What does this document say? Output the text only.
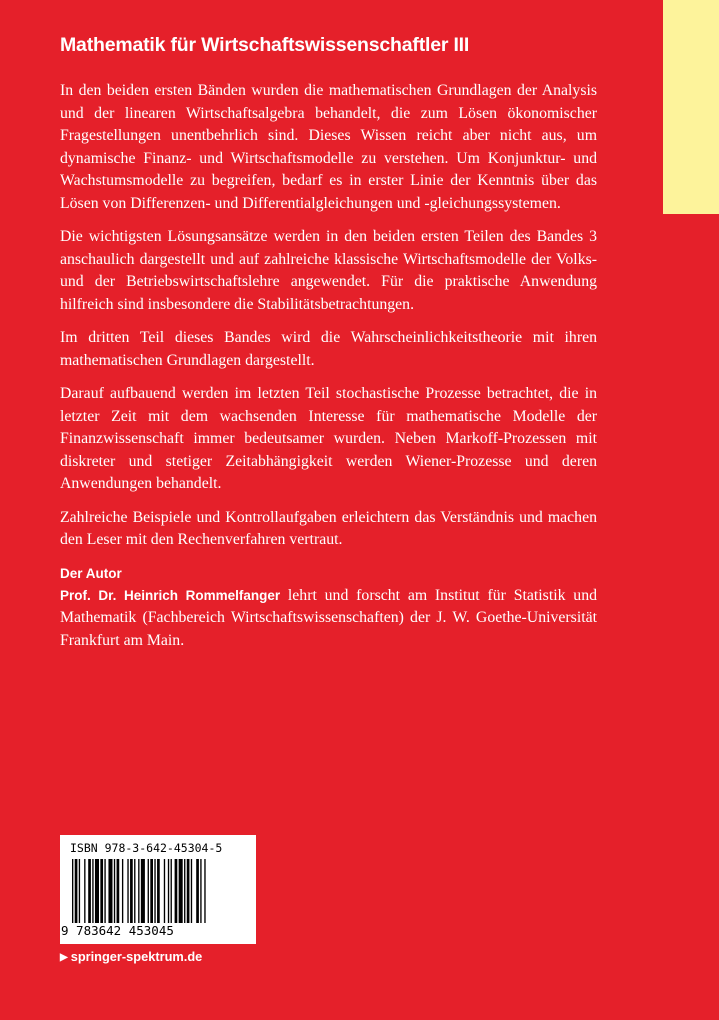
Mathematik für Wirtschaftswissenschaftler III

In den beiden ersten Bänden wurden die mathematischen Grundlagen der Analysis und der linearen Wirtschaftsalgebra behandelt, die zum Lösen ökonomischer Fragestellungen unentbehrlich sind. Dieses Wissen reicht aber nicht aus, um dynamische Finanz- und Wirtschaftsmodelle zu verstehen. Um Konjunktur- und Wachstumsmodelle zu begreifen, bedarf es in erster Linie der Kenntnis über das Lösen von Differenzen- und Differentialgleichungen und -gleichungssystemen.

Die wichtigsten Lösungsansätze werden in den beiden ersten Teilen des Bandes 3 anschaulich dargestellt und auf zahlreiche klassische Wirtschaftsmodelle der Volks- und der Betriebswirtschaftslehre angewendet. Für die praktische Anwendung hilfreich sind insbesondere die Stabilitätsbetrachtungen.

Im dritten Teil dieses Bandes wird die Wahrscheinlichkeitstheorie mit ihren mathematischen Grundlagen dargestellt.

Darauf aufbauend werden im letzten Teil stochastische Prozesse betrachtet, die in letzter Zeit mit dem wachsenden Interesse für mathematische Modelle der Finanzwissenschaft immer bedeutsamer wurden. Neben Markoff-Prozessen mit diskreter und stetiger Zeitabhängigkeit werden Wiener-Prozesse und deren Anwendungen behandelt.

Zahlreiche Beispiele und Kontrollaufgaben erleichtern das Verständnis und machen den Leser mit den Rechenverfahren vertraut.

Der Autor

Prof. Dr. Heinrich Rommelfanger lehrt und forscht am Institut für Statistik und Mathematik (Fachbereich Wirtschaftswissenschaften) der J. W. Goethe-Universität Frankfurt am Main.

ISBN 978-3-642-45304-5
9 783642 453045
▶ springer-spektrum.de
